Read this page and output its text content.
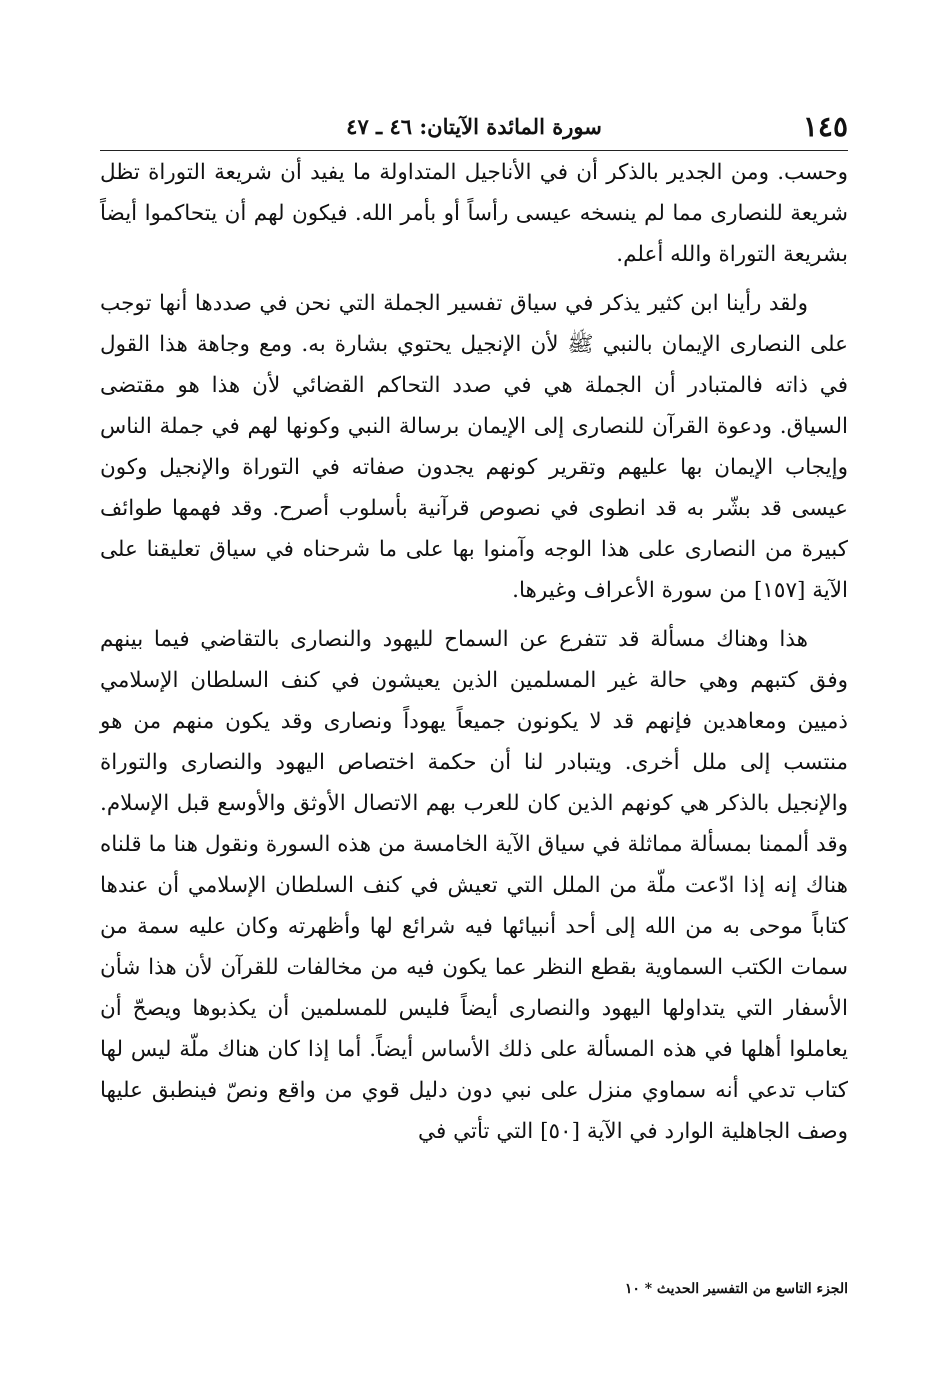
١٤٥
سورة المائدة الآيتان: ٤٦ ـ ٤٧

وحسب. ومن الجدير بالذكر أن في الأناجيل المتداولة ما يفيد أن شريعة التوراة تظل شريعة للنصارى مما لم ينسخه عيسى رأساً أو بأمر الله. فيكون لهم أن يتحاكموا أيضاً بشريعة التوراة والله أعلم.

ولقد رأينا ابن كثير يذكر في سياق تفسير الجملة التي نحن في صددها أنها توجب على النصارى الإيمان بالنبي ﷺ لأن الإنجيل يحتوي بشارة به. ومع وجاهة هذا القول في ذاته فالمتبادر أن الجملة هي في صدد التحاكم القضائي لأن هذا هو مقتضى السياق. ودعوة القرآن للنصارى إلى الإيمان برسالة النبي وكونها لهم في جملة الناس وإيجاب الإيمان بها عليهم وتقرير كونهم يجدون صفاته في التوراة والإنجيل وكون عيسى قد بشّر به قد انطوى في نصوص قرآنية بأسلوب أصرح. وقد فهمها طوائف كبيرة من النصارى على هذا الوجه وآمنوا بها على ما شرحناه في سياق تعليقنا على الآية [١٥٧] من سورة الأعراف وغيرها.

هذا وهناك مسألة قد تتفرع عن السماح لليهود والنصارى بالتقاضي فيما بينهم وفق كتبهم وهي حالة غير المسلمين الذين يعيشون في كنف السلطان الإسلامي ذميين ومعاهدين فإنهم قد لا يكونون جميعاً يهوداً ونصارى وقد يكون منهم من هو منتسب إلى ملل أخرى. ويتبادر لنا أن حكمة اختصاص اليهود والنصارى والتوراة والإنجيل بالذكر هي كونهم الذين كان للعرب بهم الاتصال الأوثق والأوسع قبل الإسلام. وقد ألممنا بمسألة مماثلة في سياق الآية الخامسة من هذه السورة ونقول هنا ما قلناه هناك إنه إذا ادّعت ملّة من الملل التي تعيش في كنف السلطان الإسلامي أن عندها كتاباً موحى به من الله إلى أحد أنبيائها فيه شرائع لها وأظهرته وكان عليه سمة من سمات الكتب السماوية بقطع النظر عما يكون فيه من مخالفات للقرآن لأن هذا شأن الأسفار التي يتداولها اليهود والنصارى أيضاً فليس للمسلمين أن يكذبوها ويصحّ أن يعاملوا أهلها في هذه المسألة على ذلك الأساس أيضاً. أما إذا كان هناك ملّة ليس لها كتاب تدعي أنه سماوي منزل على نبي دون دليل قوي من واقع ونصّ فينطبق عليها وصف الجاهلية الوارد في الآية [٥٠] التي تأتي في

الجزء التاسع من التفسير الحديث * ١٠
